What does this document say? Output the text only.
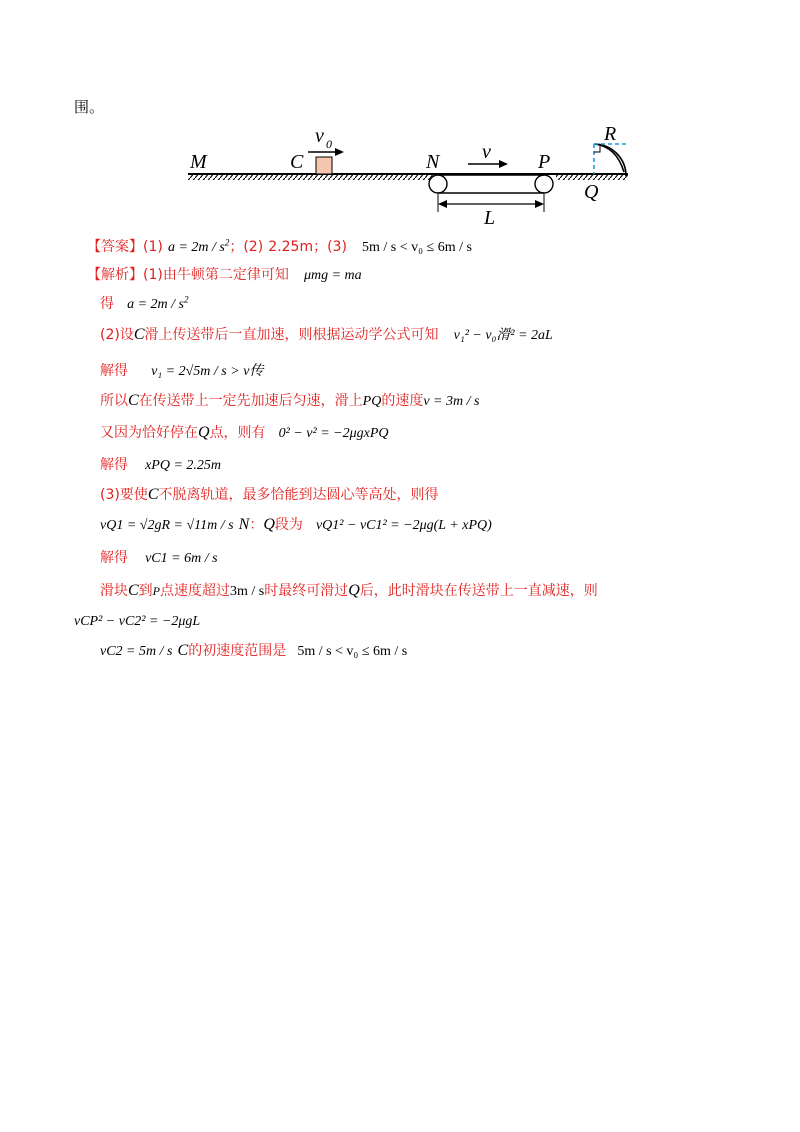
围。
M	C
v 0
N v P
R
Q
L
【答案】(1) $a = 2m / s^2$；(2) 2.25m；(3) 5m / s < v₀ ≤ 6m / s
【解析】(1)由牛顿第二定律可知 μmg = ma
得 $a = 2m / s^2$
(2)设C滑上传送带后一直加速，则根据运动学公式可知 v₁² − v₀滑² = 2aL
解得 v₁ = 2√5m / s > v传
所以C在传送带上一定先加速后匀速，滑上PQ的速度v = 3m / s
又因为恰好停在Q点，则有 0² − v² = −2μgxPQ
解得 xPQ = 2.25m
(3)要使C不脱离轨道，最多恰能到达圆心等高处，则得
vQ1 = √2gR = √11m / s N：Q段为 vQ1² − vC1² = −2μg(L + xPQ)
解得 vC1 = 6m / s
滑块C到P点速度超过3m / s时最终可滑过Q后，此时滑块在传送带上一直减速，则
vCP² − vC2² = −2μgL
vC2 = 5m / s C的初速度范围是 5m / s < v₀ ≤ 6m / s
